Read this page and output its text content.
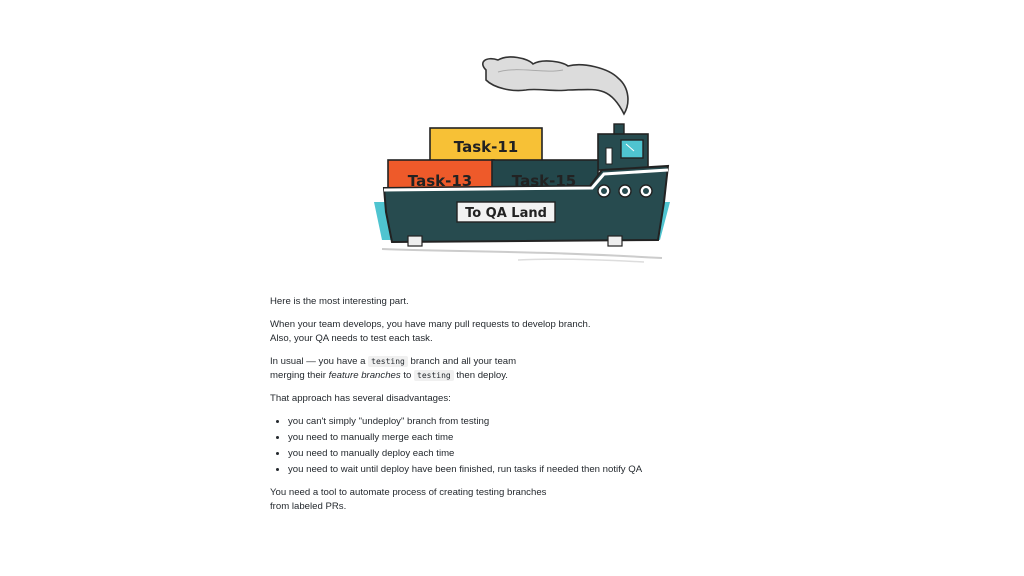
Task-11
Task-13	Task-15
To QA Land

Here is the most interesting part.

When your team develops, you have many pull requests to develop branch.
Also, your QA needs to test each task.

In usual — you have a testing branch and all your team
merging their feature branches to testing then deploy.

That approach has several disadvantages:

• you can't simply "undeploy" branch from testing
• you need to manually merge each time
• you need to manually deploy each time
• you need to wait until deploy have been finished, run tasks if needed then notify QA

You need a tool to automate process of creating testing branches
from labeled PRs.
